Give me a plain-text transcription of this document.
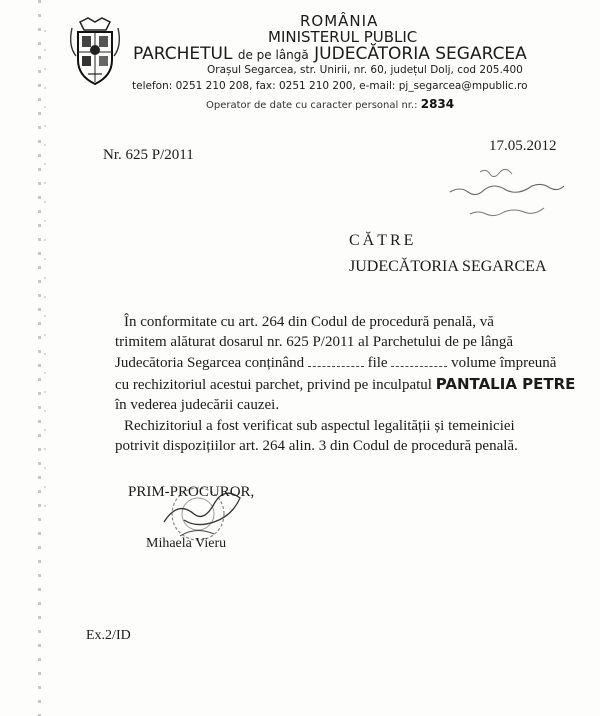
ROMÂNIA
MINISTERUL PUBLIC
PARCHETUL de pe lângă JUDECĂTORIA SEGARCEA
Orașul Segarcea, str. Unirii, nr. 60, județul Dolj, cod 205.400
telefon: 0251 210 208, fax: 0251 210 200, e-mail: pj_segarcea@mpublic.ro
Operator de date cu caracter personal nr.: 2834
Nr. 625 P/2011
17.05.2012
CĂTRE
JUDECĂTORIA SEGARCEA
În conformitate cu art. 264 din Codul de procedură penală, vă
trimitem alăturat dosarul nr. 625 P/2011 al Parchetului de pe lângă
Judecătoria Segarcea conținând	file	volume împreună
cu rechizitoriul acestui parchet, privind pe inculpatul PANTALIA PETRE
în vederea judecării cauzei.
Rechizitoriul a fost verificat sub aspectul legalității și temeiniciei
potrivit dispozițiilor art. 264 alin. 3 din Codul de procedură penală.
PRIM-PROCUROR,
Mihaela Vieru
Ex.2/ID
